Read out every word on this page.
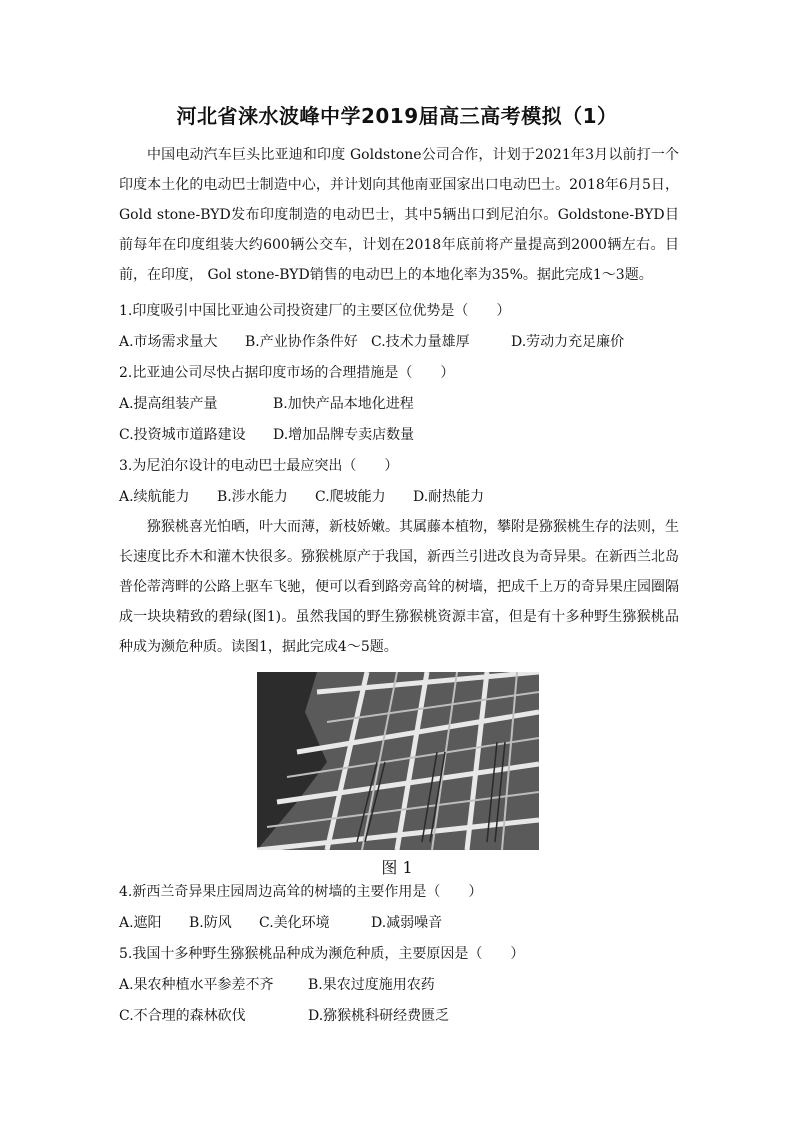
河北省涞水波峰中学2019届高三高考模拟（1）

中国电动汽车巨头比亚迪和印度 Goldstone公司合作，计划于2021年3月以前打一个印度本土化的电动巴士制造中心，并计划向其他南亚国家出口电动巴士。2018年6月5日，Gold stone-BYD发布印度制造的电动巴士，其中5辆出口到尼泊尔。Goldstone-BYD目前每年在印度组装大约600辆公交车，计划在2018年底前将产量提高到2000辆左右。目前，在印度， Gol stone-BYD销售的电动巴上的本地化率为35%。据此完成1～3题。

1.印度吸引中国比亚迪公司投资建厂的主要区位优势是（　　）

A.市场需求量大 B.产业协作条件好 C.技术力量雄厚	D.劳动力充足廉价

2.比亚迪公司尽快占据印度市场的合理措施是（　　）

A.提高组装产量	B.加快产品本地化进程

C.投资城市道路建设 D.增加品牌专卖店数量

3.为尼泊尔设计的电动巴士最应突出（　　）

A.续航能力 B.涉水能力 C.爬坡能力 D.耐热能力

猕猴桃喜光怕晒，叶大而薄，新枝娇嫩。其属藤本植物，攀附是猕猴桃生存的法则，生长速度比乔木和灌木快很多。猕猴桃原产于我国，新西兰引进改良为奇异果。在新西兰北岛普伦蒂湾畔的公路上驱车飞驰，便可以看到路旁高耸的树墙，把成千上万的奇异果庄园圈隔成一块块精致的碧绿(图1)。虽然我国的野生猕猴桃资源丰富，但是有十多种野生猕猴桃品种成为濒危种质。读图1，据此完成4～5题。

图 1

4.新西兰奇异果庄园周边高耸的树墙的主要作用是（　　）

A.遮阳 B.防风 C.美化环境	D.减弱噪音

5.我国十多种野生猕猴桃品种成为濒危种质，主要原因是（　　）

A.果农种植水平参差不齐 B.果农过度施用农药

C.不合理的森林砍伐	D.猕猴桃科研经费匮乏
